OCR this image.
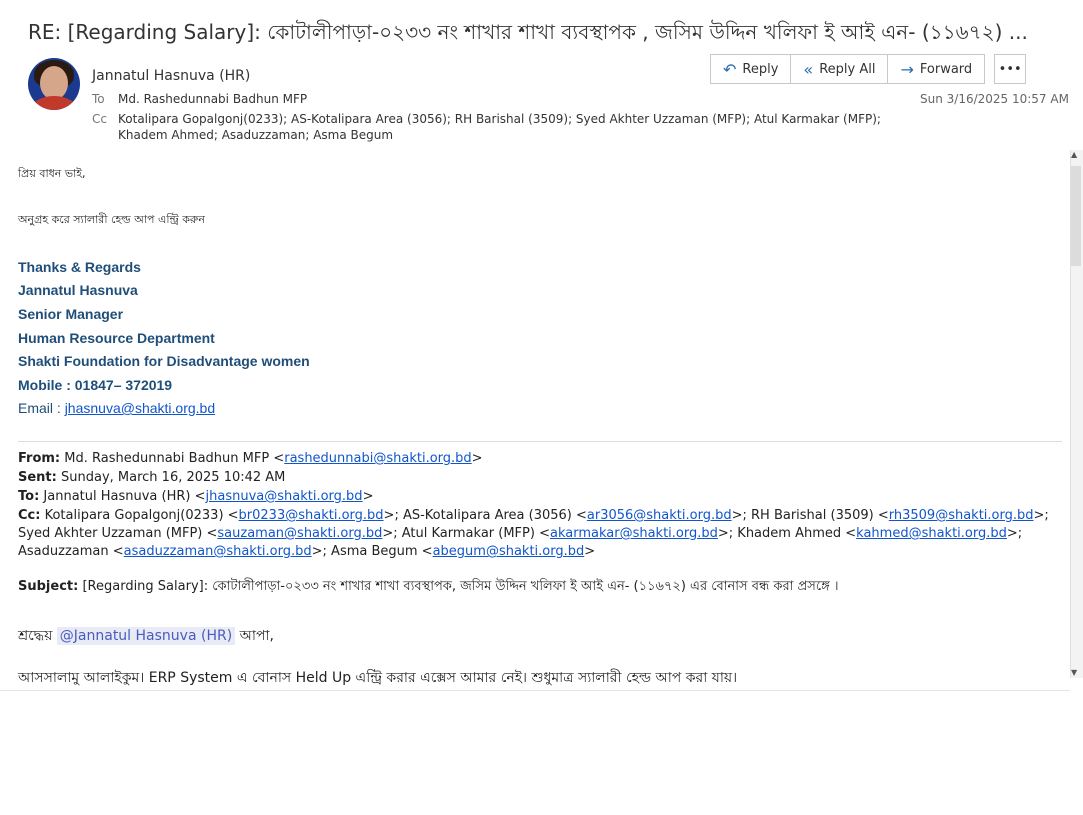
RE: [Regarding Salary]: কোটালীপাড়া-০২৩৩ নং শাখার শাখা ব্যবস্থাপক , জসিম উদ্দিন খলিফা ই আই এন- (১১৬৭২) ...
Jannatul Hasnuva (HR)
To Md. Rashedunnabi Badhun MFP
Cc Kotalipara Gopalgonj(0233); AS-Kotalipara Area (3056); RH Barishal (3509); Syed Akhter Uzzaman (MFP); Atul Karmakar (MFP);
Khadem Ahmed; Asaduzzaman; Asma Begum
↶ Reply « Reply All → Forward •••
Sun 3/16/2025 10:57 AM
▲
▼
প্রিয় বাধন ভাই,
অনুগ্রহ করে স্যালারী হেল্ড আপ এন্ট্রি করুন
Thanks & Regards
Jannatul Hasnuva
Senior Manager
Human Resource Department
Shakti Foundation for Disadvantage women
Mobile : 01847– 372019
Email : jhasnuva@shakti.org.bd
From: Md. Rashedunnabi Badhun MFP <rashedunnabi@shakti.org.bd>
Sent: Sunday, March 16, 2025 10:42 AM
To: Jannatul Hasnuva (HR) <jhasnuva@shakti.org.bd>
Cc: Kotalipara Gopalgonj(0233) <br0233@shakti.org.bd>; AS-Kotalipara Area (3056) <ar3056@shakti.org.bd>; RH Barishal (3509) <rh3509@shakti.org.bd>; Syed Akhter Uzzaman (MFP) <sauzaman@shakti.org.bd>; Atul Karmakar (MFP) <akarmakar@shakti.org.bd>; Khadem Ahmed <kahmed@shakti.org.bd>; Asaduzzaman <asaduzzaman@shakti.org.bd>; Asma Begum <abegum@shakti.org.bd>
Subject: [Regarding Salary]: কোটালীপাড়া-০২৩৩ নং শাখার শাখা ব্যবস্থাপক, জসিম উদ্দিন খলিফা ই আই এন- (১১৬৭২) এর বোনাস বন্ধ করা প্রসঙ্গে ।
শ্রদ্ধেয় @Jannatul Hasnuva (HR) আপা,
আসসালামু আলাইকুম। ERP System এ বোনাস Held Up এন্ট্রি করার এক্সেস আমার নেই। শুধুমাত্র স্যালারী হেল্ড আপ করা যায়।
